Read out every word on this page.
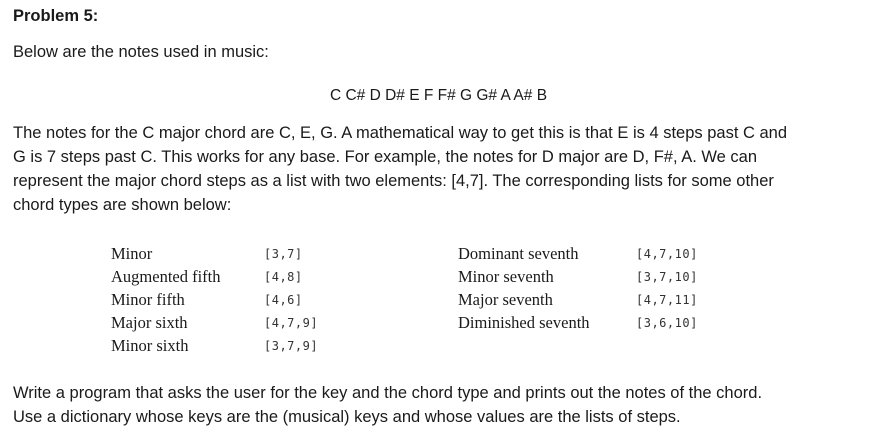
Problem 5:
Below are the notes used in music:
C C# D D# E F F# G G# A A# B
The notes for the C major chord are C, E, G. A mathematical way to get this is that E is 4 steps past C and
G is 7 steps past C. This works for any base. For example, the notes for D major are D, F#, A. We can
represent the major chord steps as a list with two elements: [4,7]. The corresponding lists for some other
chord types are shown below:
Minor	[3,7]
Augmented fifth	[4,8]
Minor fifth	[4,6]
Major sixth	[4,7,9]
Minor sixth	[3,7,9]
Dominant seventh	[4,7,10]
Minor seventh	[3,7,10]
Major seventh	[4,7,11]
Diminished seventh	[3,6,10]
Write a program that asks the user for the key and the chord type and prints out the notes of the chord.
Use a dictionary whose keys are the (musical) keys and whose values are the lists of steps.
